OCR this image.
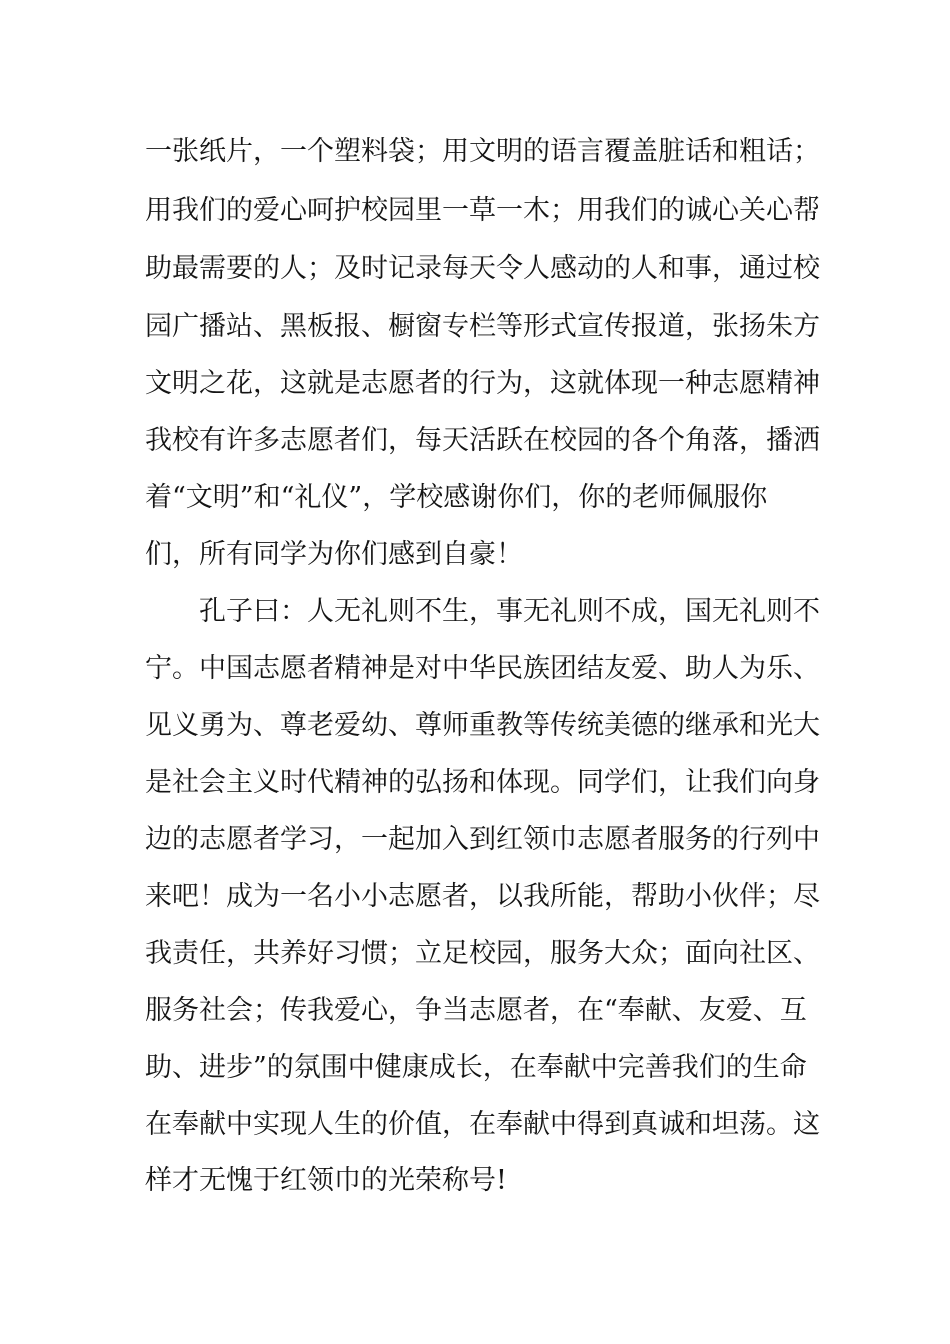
一张纸片，一个塑料袋；用文明的语言覆盖脏话和粗话；
用我们的爱心呵护校园里一草一木；用我们的诚心关心帮
助最需要的人；及时记录每天令人感动的人和事，通过校
园广播站、黑板报、橱窗专栏等形式宣传报道，张扬朱方
文明之花，这就是志愿者的行为，这就体现一种志愿精神
我校有许多志愿者们，每天活跃在校园的各个角落，播洒
着“文明”和“礼仪”，学校感谢你们，你的老师佩服你
们，所有同学为你们感到自豪！
孔子曰：人无礼则不生，事无礼则不成，国无礼则不
宁。中国志愿者精神是对中华民族团结友爱、助人为乐、
见义勇为、尊老爱幼、尊师重教等传统美德的继承和光大
是社会主义时代精神的弘扬和体现。同学们，让我们向身
边的志愿者学习，一起加入到红领巾志愿者服务的行列中
来吧！成为一名小小志愿者，以我所能，帮助小伙伴；尽
我责任，共养好习惯；立足校园，服务大众；面向社区、
服务社会；传我爱心，争当志愿者，在“奉献、友爱、互
助、进步”的氛围中健康成长，在奉献中完善我们的生命
在奉献中实现人生的价值，在奉献中得到真诚和坦荡。这
样才无愧于红领巾的光荣称号!
